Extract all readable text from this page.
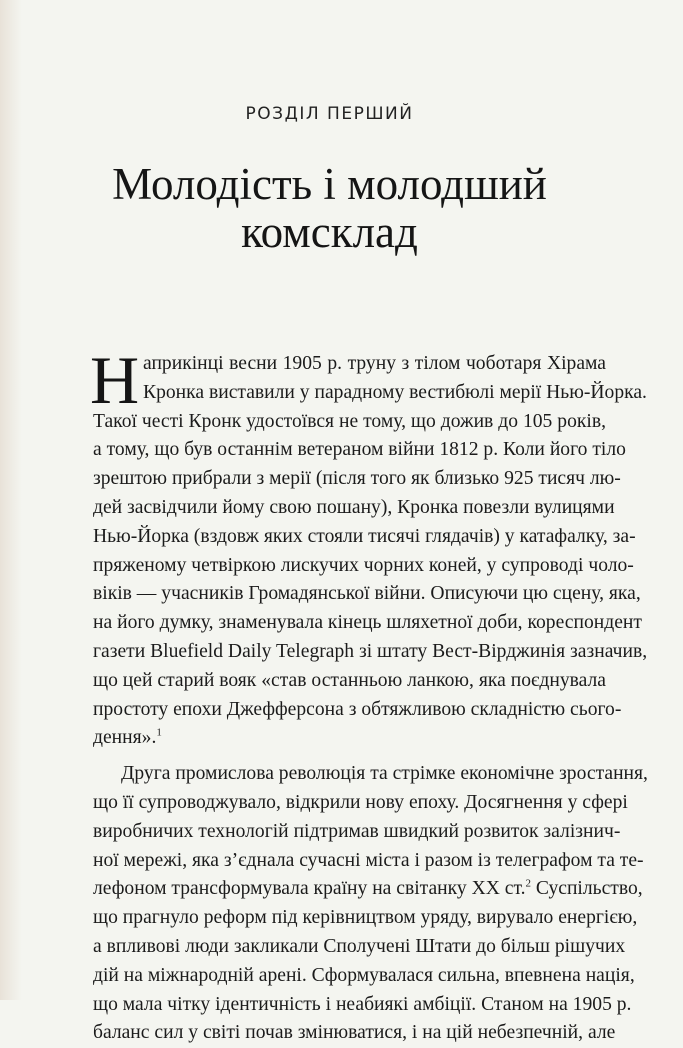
РОЗДІЛ ПЕРШИЙ
Молодість і молодший
комсклад
Н априкінці весни 1905 р. труну з тілом чоботаря Хірама
Кронка виставили у парадному вестибюлі мерії Нью-Йорка.
Такої честі Кронк удостоївся не тому, що дожив до 105 років,
а тому, що був останнім ветераном війни 1812 р. Коли його тіло
зрештою прибрали з мерії (після того як близько 925 тисяч лю-
дей засвідчили йому свою пошану), Кронка повезли вулицями
Нью-Йорка (вздовж яких стояли тисячі глядачів) у катафалку, за-
пряженому четвіркою лискучих чорних коней, у супроводі чоло-
віків — учасників Громадянської війни. Описуючи цю сцену, яка,
на його думку, знаменувала кінець шляхетної доби, кореспондент
газети Bluefield Daily Telegraph зі штату Вест-Вірджинія зазначив,
що цей старий вояк «став останньою ланкою, яка поєднувала
простоту епохи Джефферсона з обтяжливою складністю сього-
дення».$^1$
Друга промислова революція та стрімке економічне зростання,
що її супроводжувало, відкрили нову епоху. Досягнення у сфері
виробничих технологій підтримав швидкий розвиток залізнич-
ної мережі, яка з’єднала сучасні міста і разом із телеграфом та те-
лефоном трансформувала країну на світанку XX ст.$^2$ Суспільство,
що прагнуло реформ під керівництвом уряду, вирувало енергією,
а впливові люди закликали Сполучені Штати до більш рішучих
дій на міжнародній арені. Сформувалася сильна, впевнена нація,
що мала чітку ідентичність і неабиякі амбіції. Станом на 1905 р.
баланс сил у світі почав змінюватися, і на цій небезпечній, але
